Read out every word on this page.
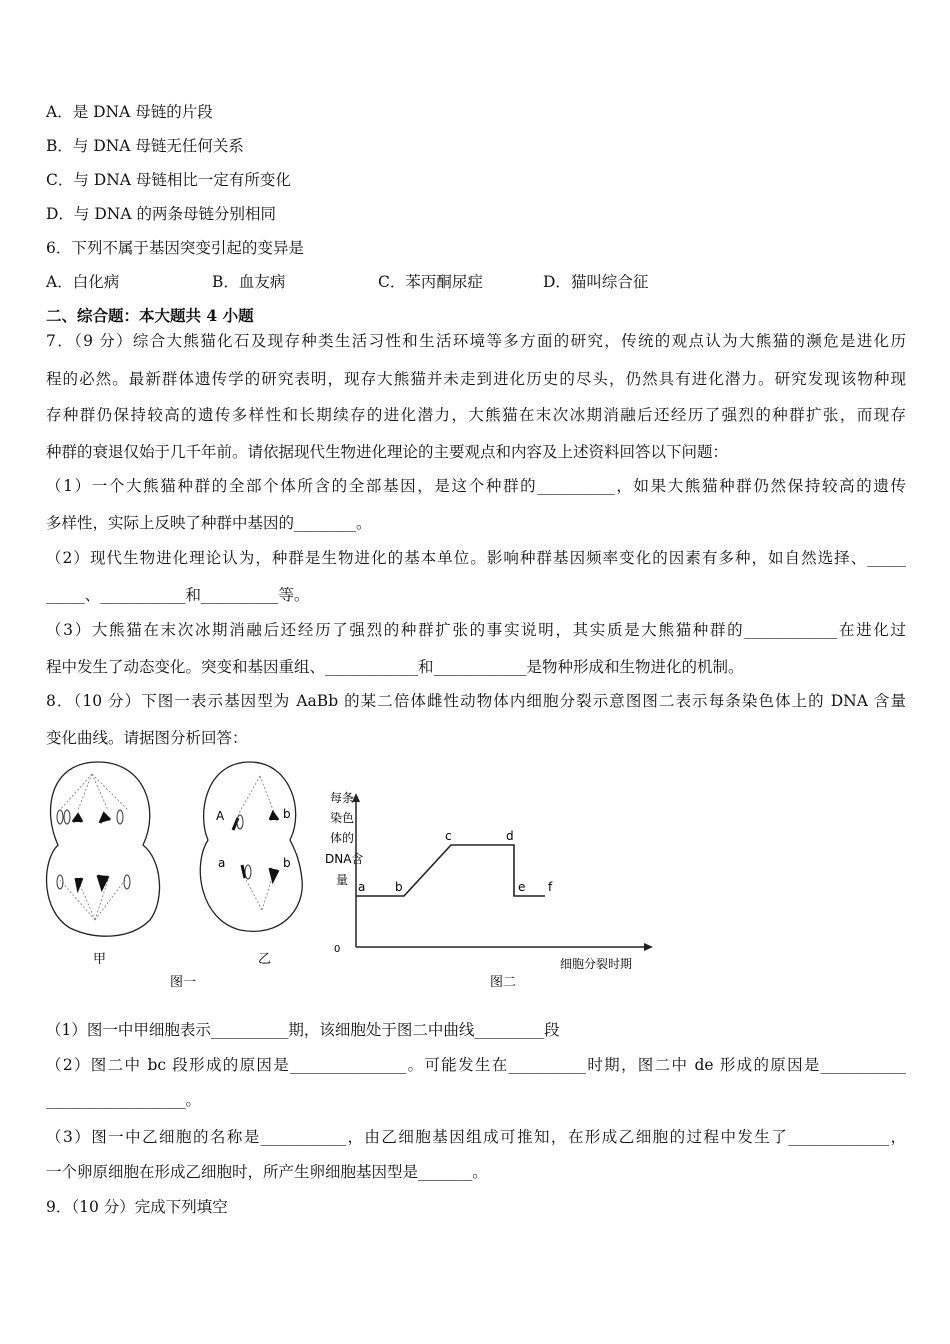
A．是 DNA 母链的片段
B．与 DNA 母链无任何关系
C．与 DNA 母链相比一定有所变化
D．与 DNA 的两条母链分别相同
6．下列不属于基因突变引起的变异是
A．白化病	B．血友病	C．苯丙酮尿症	D．猫叫综合征
二、综合题：本大题共 4 小题
7．（9 分）综合大熊猫化石及现存种类生活习性和生活环境等多方面的研究，传统的观点认为大熊猫的濒危是进化历
程的必然。最新群体遗传学的研究表明，现存大熊猫并未走到进化历史的尽头，仍然具有进化潜力。研究发现该物种现
存种群仍保持较高的遗传多样性和长期续存的进化潜力，大熊猫在末次冰期消融后还经历了强烈的种群扩张，而现存
种群的衰退仅始于几千年前。请依据现代生物进化理论的主要观点和内容及上述资料回答以下问题：
（1）一个大熊猫种群的全部个体所含的全部基因，是这个种群的__________，如果大熊猫种群仍然保持较高的遗传
多样性，实际上反映了种群中基因的________。
（2）现代生物进化理论认为，种群是生物进化的基本单位。影响种群基因频率变化的因素有多种，如自然选择、_____
_____、___________和__________等。
（3）大熊猫在末次冰期消融后还经历了强烈的种群扩张的事实说明，其实质是大熊猫种群的____________在进化过
程中发生了动态变化。突变和基因重组、____________和____________是物种形成和生物进化的机制。
8．（10 分）下图一表示基因型为 AaBb 的某二倍体雌性动物体内细胞分裂示意图图二表示每条染色体上的 DNA 含量
变化曲线。请据图分析回答：
A	b
a	b
甲	乙
图一
每条
染色
体的
DNA含
量
0
a b
c	d
e f
细胞分裂时期
图二
（1）图一中甲细胞表示__________期，该细胞处于图二中曲线_________段
（2）图二中 bc 段形成的原因是_______________。可能发生在__________时期，图二中 de 形成的原因是___________
__________________。
（3）图一中乙细胞的名称是___________，由乙细胞基因组成可推知，在形成乙细胞的过程中发生了_____________，
一个卵原细胞在形成乙细胞时，所产生卵细胞基因型是_______。
9．（10 分）完成下列填空
